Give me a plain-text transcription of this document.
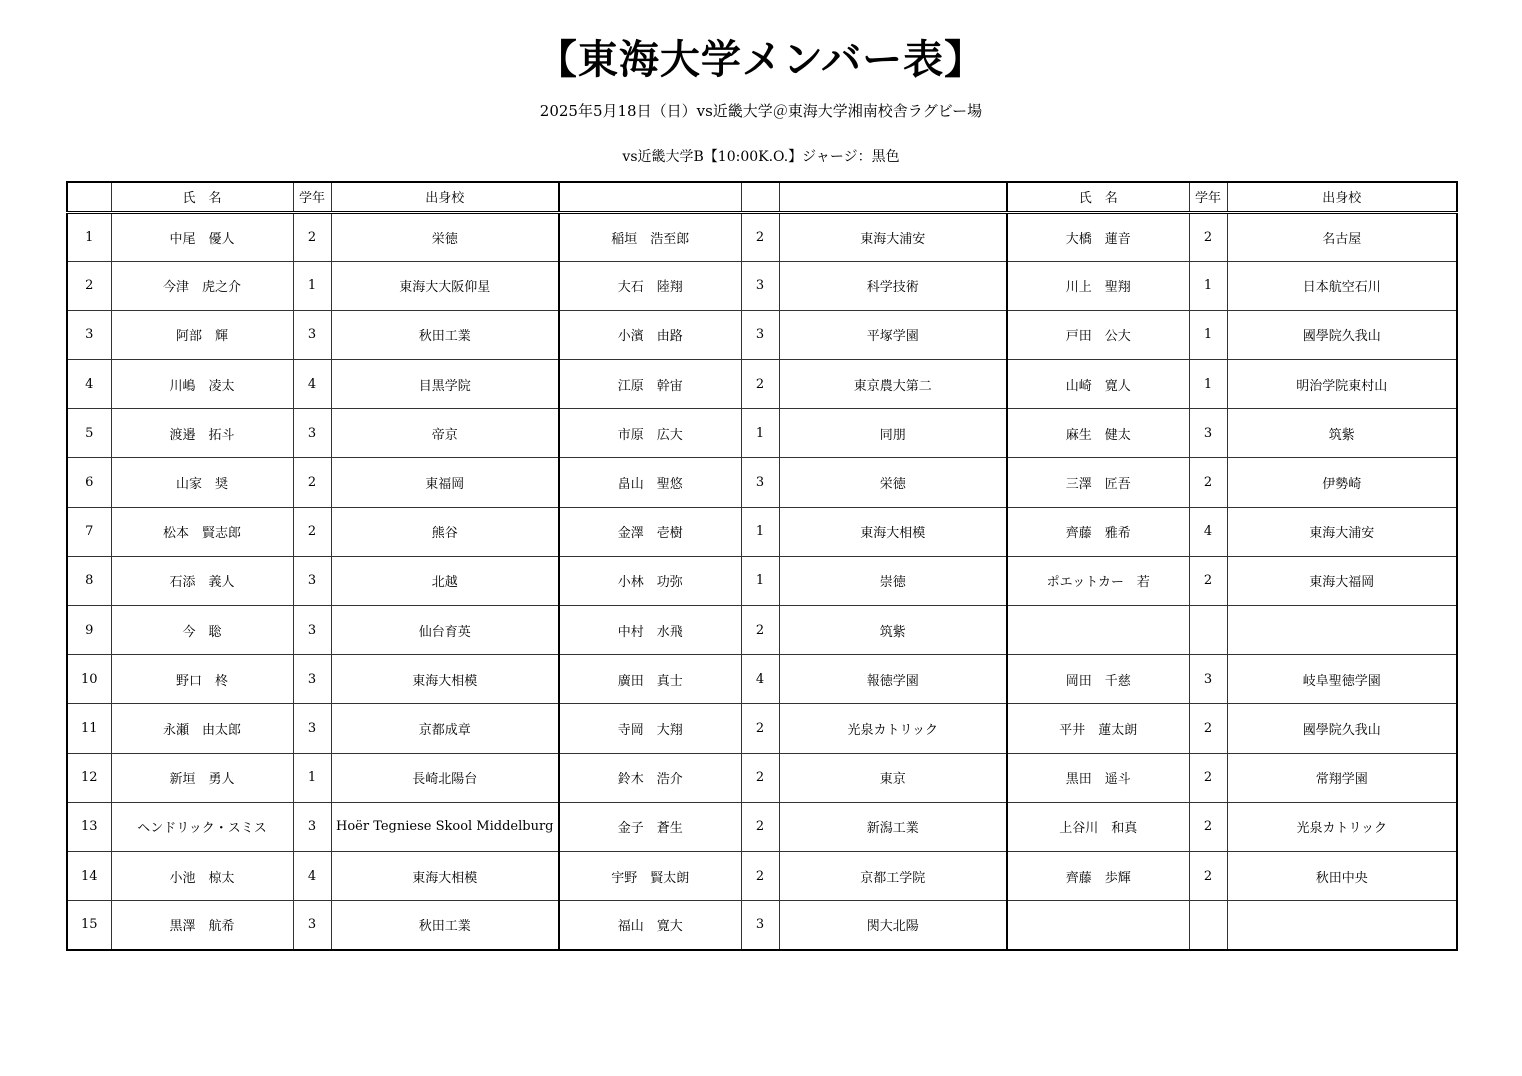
【東海大学メンバー表】
2025年5月18日（日）vs近畿大学＠東海大学湘南校舎ラグビー場
vs近畿大学B【10:00K.O.】ジャージ：黒色
	氏　名	学年	出身校				氏　名	学年	出身校
1	中尾　優人	2	栄徳	稲垣　浩至郎	2	東海大浦安	大橋　蓮音	2	名古屋
2	今津　虎之介	1	東海大大阪仰星	大石　陸翔	3	科学技術	川上　聖翔	1	日本航空石川
3	阿部　輝	3	秋田工業	小濱　由路	3	平塚学園	戸田　公大	1	國學院久我山
4	川嶋　凌太	4	目黒学院	江原　幹宙	2	東京農大第二	山崎　寛人	1	明治学院東村山
5	渡邉　拓斗	3	帝京	市原　広大	1	同朋	麻生　健太	3	筑紫
6	山家　奨	2	東福岡	畠山　聖悠	3	栄徳	三澤　匠吾	2	伊勢崎
7	松本　賢志郎	2	熊谷	金澤　壱樹	1	東海大相模	齊藤　雅希	4	東海大浦安
8	石添　義人	3	北越	小林　功弥	1	崇徳	ポエットカー　若	2	東海大福岡
9	今　聡	3	仙台育英	中村　水飛	2	筑紫			
10	野口　柊	3	東海大相模	廣田　真士	4	報徳学園	岡田　千慈	3	岐阜聖徳学園
11	永瀬　由太郎	3	京都成章	寺岡　大翔	2	光泉カトリック	平井　蓮太朗	2	國學院久我山
12	新垣　勇人	1	長崎北陽台	鈴木　浩介	2	東京	黒田　遥斗	2	常翔学園
13	ヘンドリック・スミス	3	Hoër Tegniese Skool Middelburg	金子　蒼生	2	新潟工業	上谷川　和真	2	光泉カトリック
14	小池　椋太	4	東海大相模	宇野　賢太朗	2	京都工学院	齊藤　歩輝	2	秋田中央
15	黒澤　航希	3	秋田工業	福山　寛大	3	関大北陽			
